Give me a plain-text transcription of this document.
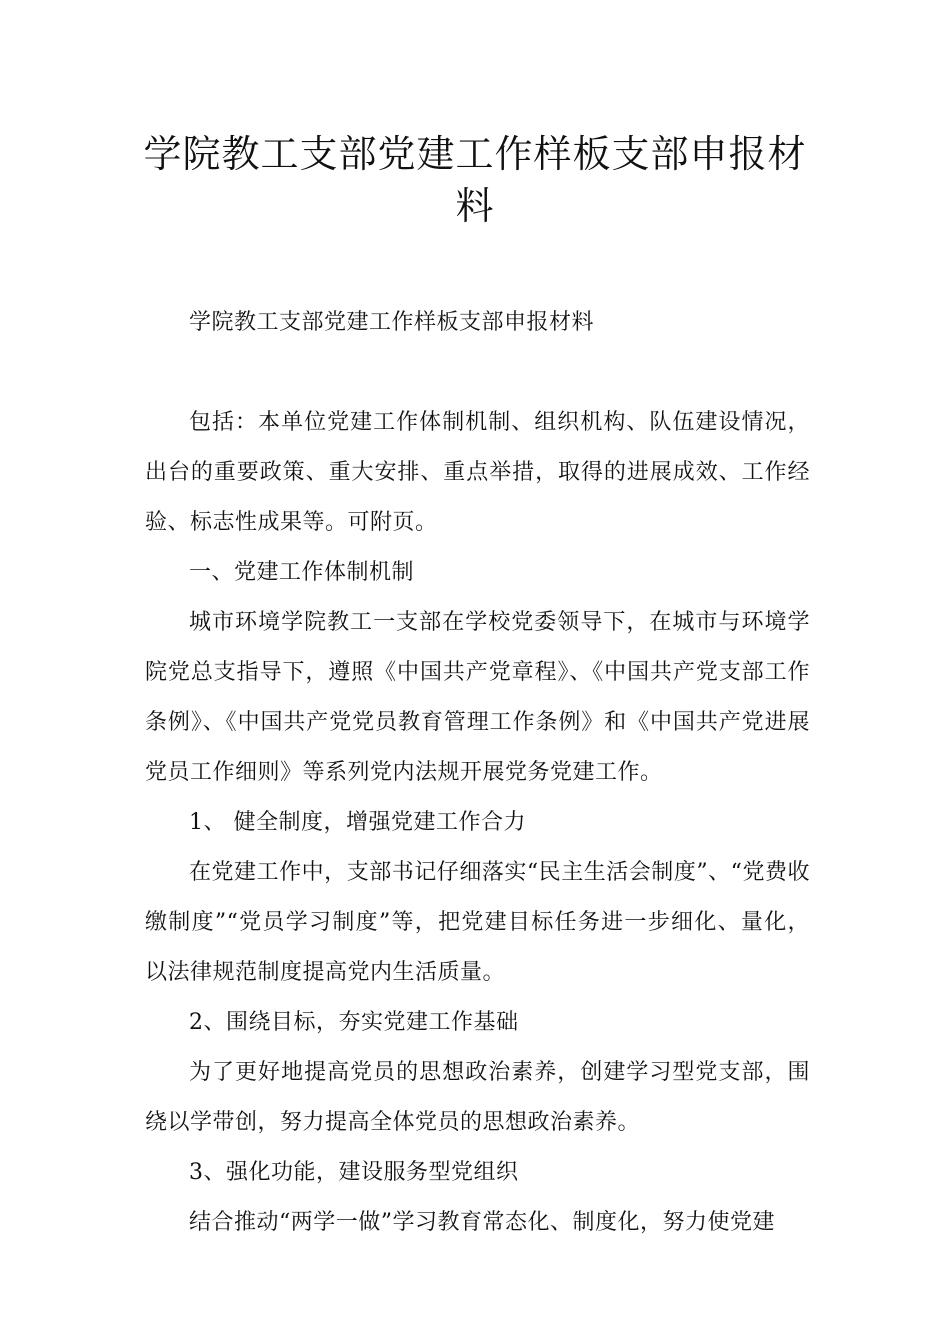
学院教工支部党建工作样板支部申报材料

学院教工支部党建工作样板支部申报材料

包括：本单位党建工作体制机制、组织机构、队伍建设情况，出台的重要政策、重大安排、重点举措，取得的进展成效、工作经验、标志性成果等。可附页。

一、党建工作体制机制

城市环境学院教工一支部在学校党委领导下，在城市与环境学院党总支指导下，遵照《中国共产党章程》、《中国共产党支部工作条例》、《中国共产党党员教育管理工作条例》和《中国共产党进展党员工作细则》等系列党内法规开展党务党建工作。

1、 健全制度，增强党建工作合力

在党建工作中，支部书记仔细落实“民主生活会制度”、“党费收缴制度”“党员学习制度”等，把党建目标任务进一步细化、量化，以法律规范制度提高党内生活质量。

2、围绕目标，夯实党建工作基础

为了更好地提高党员的思想政治素养，创建学习型党支部，围绕以学带创，努力提高全体党员的思想政治素养。

3、强化功能，建设服务型党组织

结合推动“两学一做”学习教育常态化、制度化，努力使党建
